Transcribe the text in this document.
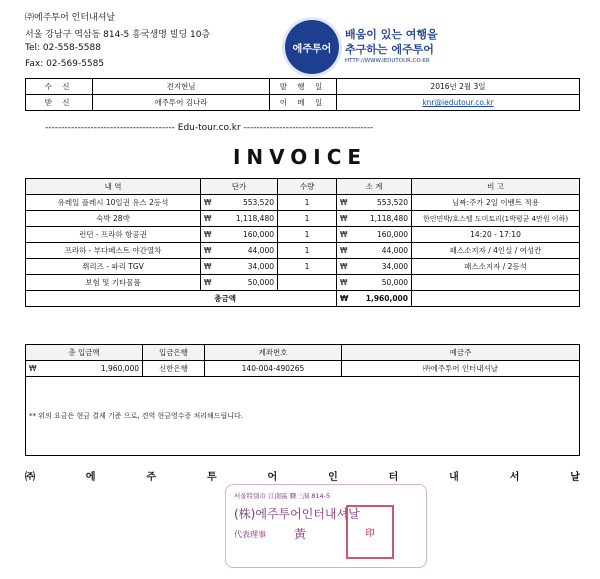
㈜에주투어 인터내셔날
서울 강남구 역삼동 814-5 흥국생명 빌딩 10층
Tel: 02-558-5588
Fax: 02-569-5585
에주투어
배움이 있는 여행을
추구하는 에주투어
HTTP://WWW.IEDUTOUR.CO.KR
수 신	견지현님	발 행 일	2016년 2월 3일
받 신	에주투어 김나라	이 메 일	knr@iedutour.co.kr
---------------------------------------- Edu-tour.co.kr ----------------------------------------
INVOICE
내 역	단가	수량	소 계	비 고
유레일 플레시 10일권 유스 2등석	₩ 553,520	1	₩ 553,520	님짜:주가 2일 이벤트 적용
숙박 28박	₩ 1,118,480	1	₩ 1,118,480	한인민박/호스텔 도미토리(1박평균 4만원 이하)
런던 - 프라하 항공권	₩ 160,000	1	₩ 160,000	14:20 - 17:10
프라하 - 부다페스트 야간열차	₩ 44,000	1	₩ 44,000	패스소지자 / 4인실 / 여성칸
쮜리즈 - 파리 TGV	₩ 34,000	1	₩ 34,000	패스소지자 / 2등석
보험 및 기타물품	₩ 50,000		₩ 50,000	

총금액			₩ 1,960,000	

총 입금액	입금은행	계좌번호	예금주

₩ 1,960,000	신한은행	140-004-490265	㈜에주투어 인터내셔날
** 위의 요금은 현금 결제 기준 으로, 견역 현금영수증 처리해드립니다.			
㈜	에	주	투	어	인	터	내	서	날
서울特別市 江南區 驛三洞 814-5
(株)에주투어인터내셔날
代表理事 黃	印
